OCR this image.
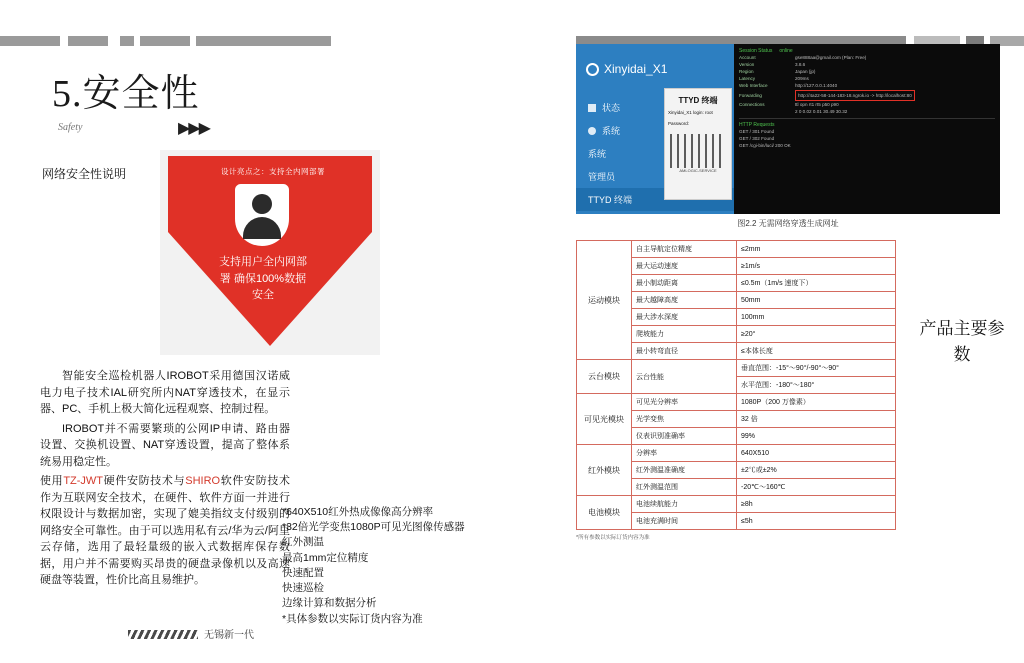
5.安全性
Safety	▶▶▶
网络安全性说明	设计亮点之：支持全内网部署
支持用户全内网部
署 确保100%数据
安全

智能安全巡检机器人IROBOT采用德国汉诺威电力电子技术IAL研究所内NAT穿透技术，在显示器、PC、手机上极大简化远程观察、控制过程。

IROBOT并不需要繁琐的公网IP申请、路由器设置、交换机设置、NAT穿透设置，提高了整体系统易用稳定性。

使用TZ-JWT硬件安防技术与SHIRO软件安防技术作为互联网安全技术，在硬件、软件方面一并进行权限设计与数据加密，实现了媲美指纹支付级别的网络安全可靠性。由于可以选用私有云/华为云/阿里云存储，选用了最轻量级的嵌入式数据库保存数据，用户并不需要购买昂贵的硬盘录像机以及高速硬盘等装置，性价比高且易维护。

*640X510红外热成像像高分辨率
*32倍光学变焦1080P可见光图像传感器
红外测温
最高1mm定位精度
快速配置
快速巡检
边缘计算和数据分析
*具体参数以实际订货内容为准
无锡新一代
Xinyidai_X1
状态
系统
系统
管理员
TTYD 终端
TTYD 终端
Xinyidai_X1 login: root
Password:
AMLOGIC-SERVICE
Session Status online
Account	gse888aa@gmail.com (Plan: Free)
Version	3.8.6
Region	Japan (jp)
Latency	209ms
Web Interface	http://127.0.0.1:4040
Forwarding	http://4a22-58-144-183-18.ngrok.io -> http://localhost:80
Connections	ttl opn rt1 rt5 p50 p90
2 0 0.02 0.01 30.49 30.32
HTTP Requests
GET / 301 Found
GET / 302 Found
GET /cgi-bin/luci/ 200 OK
图2.2 无需网络穿透生成网址
运动模块	自主导航定位精度	≤2mm
	最大运动速度	≥1m/s
	最小制动距离	≤0.5m（1m/s 速度下）
	最大越障高度	50mm
	最大涉水深度	100mm
	爬坡能力	≥20°
	最小转弯直径	≤本体长度
云台模块	云台性能	垂直范围：-15°～90°/-90°～90°
		水平范围：-180°～180°
可见光模块	可见光分辨率	1080P（200 万像素）
	光学变焦	32 倍
	仪表识别准确率	99%
红外模块	分辨率	640X510
	红外测温准确度	±2℃或±2%
	红外测温范围	-20℃～160℃
电池模块	电池续航能力	≥8h
	电池充满时间	≤5h
*所有参数以实际订货内容为准
产品主要参数
